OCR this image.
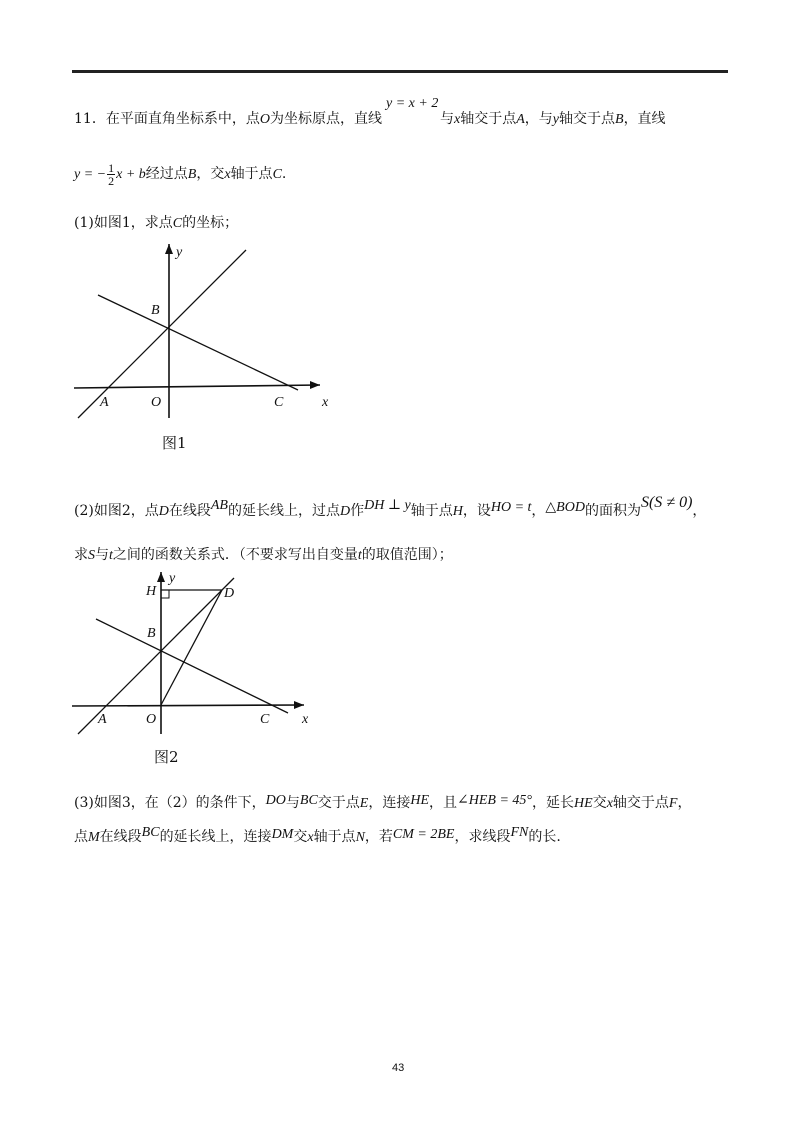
11．在平面直角坐标系中，点O为坐标原点，直线
y = x + 2
与x轴交于点A，与y轴交于点B，直线
y = − $\frac{1}{2}$ x + b经过点B，交x轴于点C.
(1)如图1，求点C的坐标；
y
x
B
A	O	C
图1
(2)如图2，点D在线段AB的延长线上，过点D作DH ⊥ y轴于点H，设HO = t，△BOD的面积为S(S ≠ 0)，
求S与t之间的函数关系式．（不要求写出自变量t的取值范围）；
H
y
D
B
A	O	C x
图2
(3)如图3，在（2）的条件下，DO与BC交于点E，连接HE，且∠HEB = 45°，延长HE交x轴交于点F，
点M在线段BC的延长线上，连接DM交x轴于点N，若CM = 2BE，求线段FN的长.
43
